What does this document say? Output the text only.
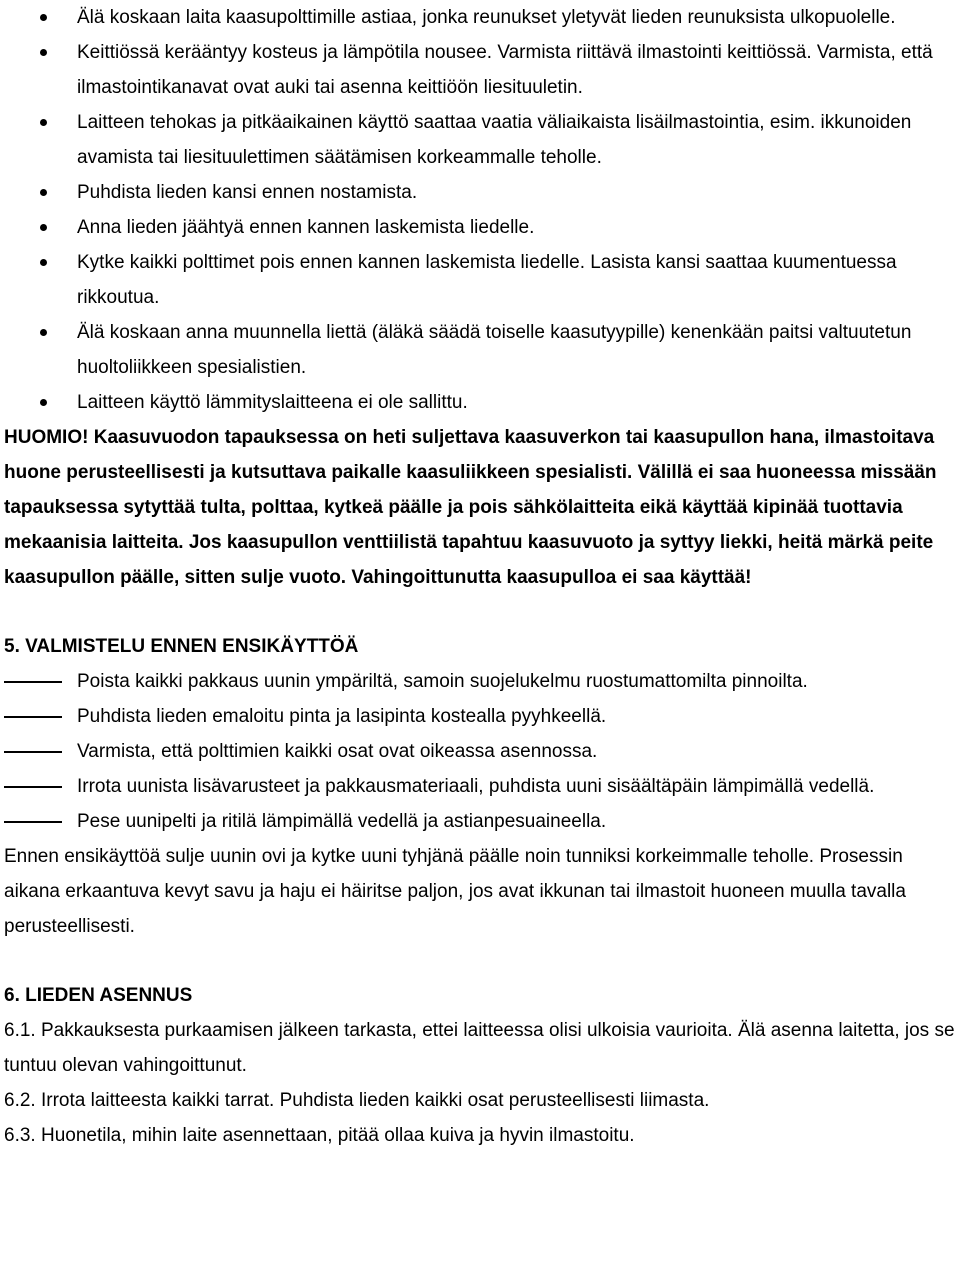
Älä koskaan laita kaasupolttimille astiaa, jonka reunukset yletyvät lieden reunuksista ulkopuolelle.
Keittiössä kerääntyy kosteus ja lämpötila nousee. Varmista riittävä ilmastointi keittiössä. Varmista, että ilmastointikanavat ovat auki tai asenna keittiöön liesituuletin.
Laitteen tehokas ja pitkäaikainen käyttö saattaa vaatia väliaikaista lisäilmastointia, esim. ikkunoiden avamista tai liesituulettimen säätämisen korkeammalle teholle.
Puhdista lieden kansi ennen nostamista.
Anna lieden jäähtyä ennen kannen laskemista liedelle.
Kytke kaikki polttimet pois ennen kannen laskemista liedelle. Lasista kansi saattaa kuumentuessa rikkoutua.
Älä koskaan anna muunnella liettä (äläkä säädä toiselle kaasutyypille) kenenkään paitsi valtuutetun huoltoliikkeen spesialistien.
Laitteen käyttö lämmityslaitteena ei ole sallittu.

HUOMIO! Kaasuvuodon tapauksessa on heti suljettava kaasuverkon tai kaasupullon hana, ilmastoitava huone perusteellisesti ja kutsuttava paikalle kaasuliikkeen spesialisti. Välillä ei saa huoneessa missään tapauksessa sytyttää tulta, polttaa, kytkeä päälle ja pois sähkölaitteita eikä käyttää kipinää tuottavia mekaanisia laitteita. Jos kaasupullon venttiilistä tapahtuu kaasuvuoto ja syttyy liekki, heitä märkä peite kaasupullon päälle, sitten sulje vuoto. Vahingoittunutta kaasupulloa ei saa käyttää!

5. VALMISTELU ENNEN ENSIKÄYTTÖÄ
Poista kaikki pakkaus uunin ympäriltä, samoin suojelukelmu ruostumattomilta pinnoilta.
Puhdista lieden emaloitu pinta ja lasipinta kostealla pyyhkeellä.
Varmista, että polttimien kaikki osat ovat oikeassa asennossa.
Irrota uunista lisävarusteet ja pakkausmateriaali, puhdista uuni sisäältäpäin lämpimällä vedellä.
Pese uunipelti ja ritilä lämpimällä vedellä ja astianpesuaineella.

Ennen ensikäyttöä sulje uunin ovi ja kytke uuni tyhjänä päälle noin tunniksi korkeimmalle teholle. Prosessin aikana erkaantuva kevyt savu ja haju ei häiritse paljon, jos avat ikkunan tai ilmastoit huoneen muulla tavalla perusteellisesti.

6. LIEDEN ASENNUS

6.1. Pakkauksesta purkaamisen jälkeen tarkasta, ettei laitteessa olisi ulkoisia vaurioita. Älä asenna laitetta, jos se tuntuu olevan vahingoittunut.

6.2. Irrota laitteesta kaikki tarrat. Puhdista lieden kaikki osat perusteellisesti liimasta.

6.3. Huonetila, mihin laite asennettaan, pitää ollaa kuiva ja hyvin ilmastoitu.
